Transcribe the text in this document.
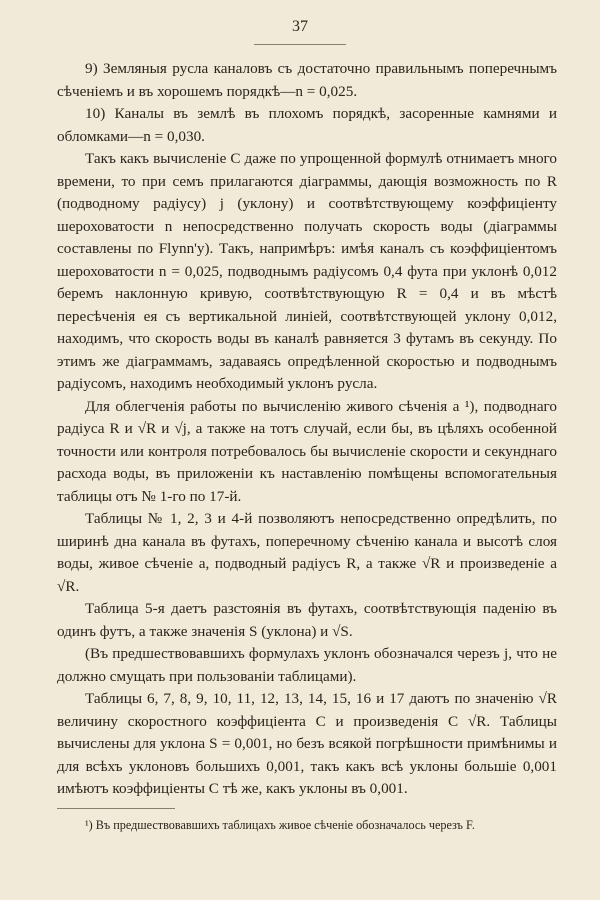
37

9) Земляныя русла каналовъ съ достаточно правильнымъ поперечнымъ сѣченіемъ и въ хорошемъ порядкѣ—n = 0,025.

10) Каналы въ землѣ въ плохомъ порядкѣ, засоренные камнями и обломками—n = 0,030.

Такъ какъ вычисленіе C даже по упрощенной формулѣ отнимаетъ много времени, то при семъ прилагаются діаграммы, дающія возможность по R (подводному радіусу) j (уклону) и соотвѣтствующему коэффиціенту шероховатости n непосредственно получать скорость воды (діаграммы составлены по Flynn'y). Такъ, напримѣръ: имѣя каналъ съ коэффиціентомъ шероховатости n = 0,025, подводнымъ радіусомъ 0,4 фута при уклонѣ 0,012 беремъ наклонную кривую, соотвѣтствующую R = 0,4 и въ мѣстѣ пересѣченія ея съ вертикальной линіей, соотвѣтствующей уклону 0,012, находимъ, что скорость воды въ каналѣ равняется 3 футамъ въ секунду. По этимъ же діаграммамъ, задаваясь опредѣленной скоростью и подводнымъ радіусомъ, находимъ необходимый уклонъ русла.

Для облегченія работы по вычисленію живого сѣченія a ¹), подводнаго радіуса R и √R и √j, а также на тотъ случай, если бы, въ цѣляхъ особенной точности или контроля потребовалось бы вычисленіе скорости и секунднаго расхода воды, въ приложеніи къ наставленію помѣщены вспомогательныя таблицы отъ № 1-го по 17-й.

Таблицы № 1, 2, 3 и 4-й позволяютъ непосредственно опредѣлить, по ширинѣ дна канала въ футахъ, поперечному сѣченію канала и высотѣ слоя воды, живое сѣченіе a, подводный радіусъ R, а также √R и произведеніе a √R.

Таблица 5-я даетъ разстоянія въ футахъ, соотвѣтствующія паденію въ одинъ футъ, а также значенія S (уклона) и √S.

(Въ предшествовавшихъ формулахъ уклонъ обозначался черезъ j, что не должно смущать при пользованіи таблицами).

Таблицы 6, 7, 8, 9, 10, 11, 12, 13, 14, 15, 16 и 17 даютъ по значенію √R величину скоростного коэффиціента C и произведенія C √R. Таблицы вычислены для уклона S = 0,001, но безъ всякой погрѣшности примѣнимы и для всѣхъ уклоновъ большихъ 0,001, такъ какъ всѣ уклоны большіе 0,001 имѣютъ коэффиціенты C тѣ же, какъ уклоны въ 0,001.

¹) Въ предшествовавшихъ таблицахъ живое сѣченіе обозначалось черезъ F.
